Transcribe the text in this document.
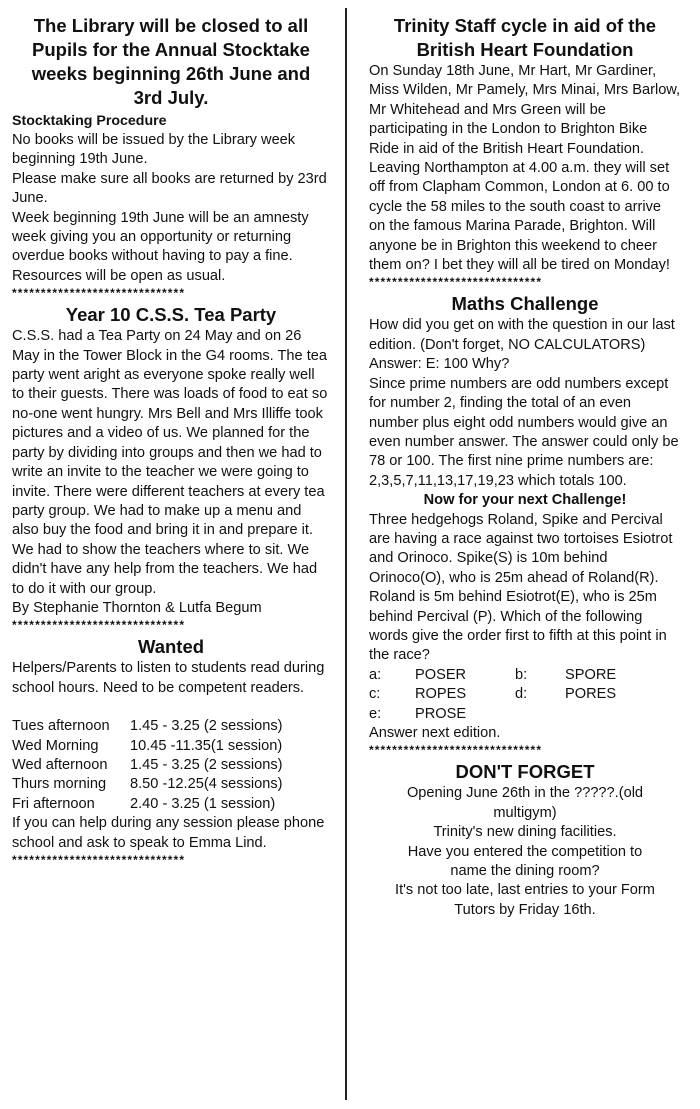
The Library will be closed to all Pupils for the Annual Stocktake weeks beginning 26th June and 3rd July.
Stocktaking Procedure

No books will be issued by the Library week beginning 19th June.

Please make sure all books are returned by 23rd June.

Week beginning 19th June will be an amnesty week giving you an opportunity or returning overdue books without having to pay a fine.

Resources will be open as usual.

******************************
Year 10 C.S.S. Tea Party

C.S.S. had a Tea Party on 24 May and on 26 May in the Tower Block in the G4 rooms. The tea party went aright as everyone spoke really well to their guests. There was loads of food to eat so no-one went hungry. Mrs Bell and Mrs Illiffe took pictures and a video of us. We planned for the party by dividing into groups and then we had to write an invite to the teacher we were going to invite. There were different teachers at every tea party group. We had to make up a menu and also buy the food and bring it in and prepare it. We had to show the teachers where to sit. We didn't have any help from the teachers. We had to do it with our group.

By Stephanie Thornton & Lutfa Begum

******************************
Wanted

Helpers/Parents to listen to students read during school hours. Need to be competent readers.

Tues afternoon	1.45 - 3.25 (2 sessions)
Wed Morning	10.45 -11.35(1 session)
Wed afternoon	1.45 - 3.25 (2 sessions)
Thurs morning	8.50 -12.25(4 sessions)
Fri afternoon	2.40 - 3.25 (1 session)

If you can help during any session please phone school and ask to speak to Emma Lind.

******************************
Trinity Staff cycle in aid of the British Heart Foundation

On Sunday 18th June, Mr Hart, Mr Gardiner, Miss Wilden, Mr Pamely, Mrs Minai, Mrs Barlow, Mr Whitehead and Mrs Green will be participating in the London to Brighton Bike Ride in aid of the British Heart Foundation. Leaving Northampton at 4.00 a.m. they will set off from Clapham Common, London at 6. 00 to cycle the 58 miles to the south coast to arrive on the famous Marina Parade, Brighton. Will anyone be in Brighton this weekend to cheer them on? I bet they will all be tired on Monday!

******************************
Maths Challenge

How did you get on with the question in our last edition. (Don't forget, NO CALCULATORS)

Answer: E: 100 Why?

Since prime numbers are odd numbers except for number 2, finding the total of an even number plus eight odd numbers would give an even number answer. The answer could only be 78 or 100. The first nine prime numbers are: 2,3,5,7,11,13,17,19,23 which totals 100.

Now for your next Challenge!

Three hedgehogs Roland, Spike and Percival are having a race against two tortoises Esiotrot and Orinoco. Spike(S) is 10m behind Orinoco(O), who is 25m ahead of Roland(R). Roland is 5m behind Esiotrot(E), who is 25m behind Percival (P). Which of the following words give the order first to fifth at this point in the race?

a:	POSER	b:	SPORE
c:	ROPES	d:	PORES
e:	PROSE

Answer next edition.

******************************
DON'T FORGET
Opening June 26th in the ?????.(old multigym)
Trinity's new dining facilities.
Have you entered the competition to name the dining room?
It's not too late, last entries to your Form Tutors by Friday 16th.
